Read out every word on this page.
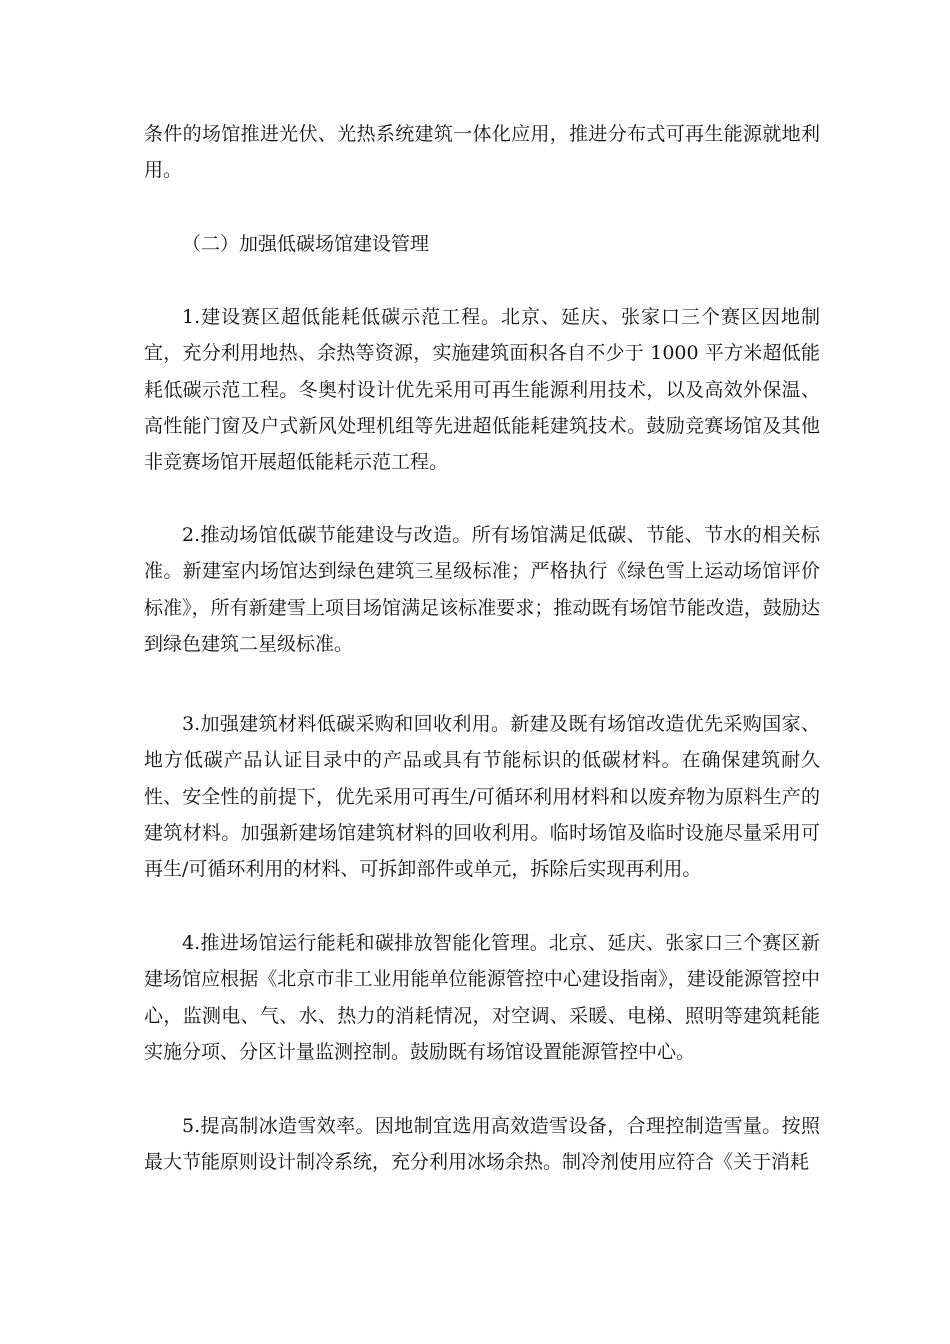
条件的场馆推进光伏、光热系统建筑一体化应用，推进分布式可再生能源就地利用。

（二）加强低碳场馆建设管理

1.建设赛区超低能耗低碳示范工程。北京、延庆、张家口三个赛区因地制宜，充分利用地热、余热等资源，实施建筑面积各自不少于 1000 平方米超低能耗低碳示范工程。冬奥村设计优先采用可再生能源利用技术，以及高效外保温、高性能门窗及户式新风处理机组等先进超低能耗建筑技术。鼓励竞赛场馆及其他非竞赛场馆开展超低能耗示范工程。

2.推动场馆低碳节能建设与改造。所有场馆满足低碳、节能、节水的相关标准。新建室内场馆达到绿色建筑三星级标准；严格执行《绿色雪上运动场馆评价标准》，所有新建雪上项目场馆满足该标准要求；推动既有场馆节能改造，鼓励达到绿色建筑二星级标准。

3.加强建筑材料低碳采购和回收利用。新建及既有场馆改造优先采购国家、地方低碳产品认证目录中的产品或具有节能标识的低碳材料。在确保建筑耐久性、安全性的前提下，优先采用可再生/可循环利用材料和以废弃物为原料生产的建筑材料。加强新建场馆建筑材料的回收利用。临时场馆及临时设施尽量采用可再生/可循环利用的材料、可拆卸部件或单元，拆除后实现再利用。

4.推进场馆运行能耗和碳排放智能化管理。北京、延庆、张家口三个赛区新建场馆应根据《北京市非工业用能单位能源管控中心建设指南》，建设能源管控中心，监测电、气、水、热力的消耗情况，对空调、采暖、电梯、照明等建筑耗能实施分项、分区计量监测控制。鼓励既有场馆设置能源管控中心。

5.提高制冰造雪效率。因地制宜选用高效造雪设备，合理控制造雪量。按照最大节能原则设计制冷系统，充分利用冰场余热。制冷剂使用应符合《关于消耗
